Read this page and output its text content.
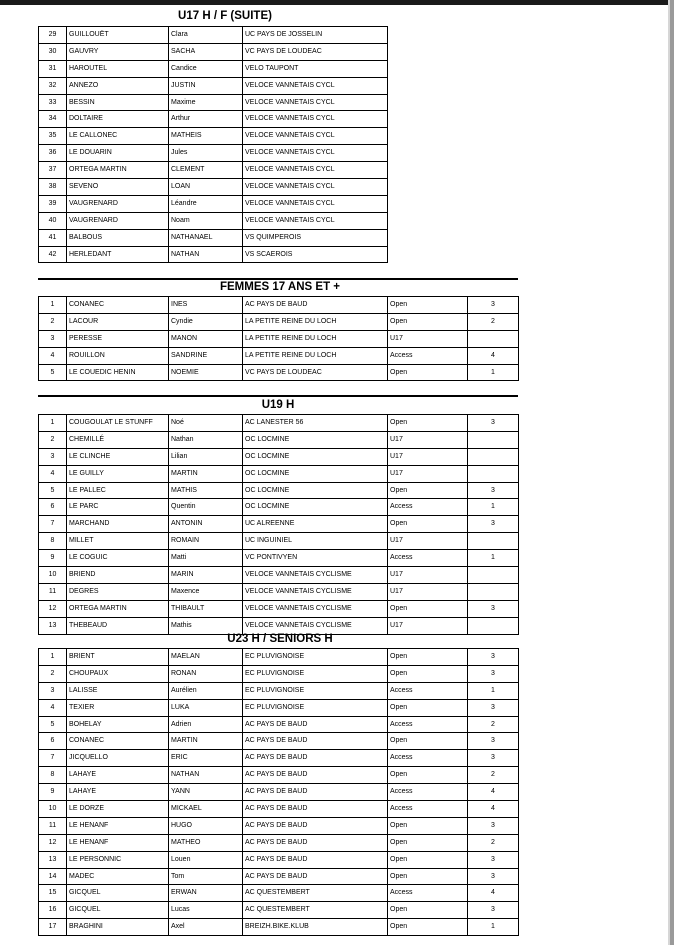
U17 H / F (SUITE)
29	GUILLOUËT	Clara	UC PAYS DE JOSSELIN
30	GAUVRY	SACHA	VC PAYS DE LOUDEAC
31	HAROUTEL	Candice	VELO TAUPONT
32	ANNEZO	JUSTIN	VELOCE VANNETAIS CYCL
33	BESSIN	Maxime	VELOCE VANNETAIS CYCL
34	DOLTAIRE	Arthur	VELOCE VANNETAIS CYCL
35	LE CALLONEC	MATHEIS	VELOCE VANNETAIS CYCL
36	LE DOUARIN	Jules	VELOCE VANNETAIS CYCL
37	ORTEGA MARTIN	CLEMENT	VELOCE VANNETAIS CYCL
38	SEVENO	LOAN	VELOCE VANNETAIS CYCL
39	VAUGRENARD	Léandre	VELOCE VANNETAIS CYCL
40	VAUGRENARD	Noam	VELOCE VANNETAIS CYCL
41	BALBOUS	NATHANAEL	VS QUIMPEROIS
42	HERLEDANT	NATHAN	VS SCAEROIS
FEMMES 17 ANS ET +
1	CONANEC	INES	AC PAYS DE BAUD	Open	3
2	LACOUR	Cyndie	LA PETITE REINE DU LOCH	Open	2
3	PERESSE	MANON	LA PETITE REINE DU LOCH	U17	
4	ROUILLON	SANDRINE	LA PETITE REINE DU LOCH	Access	4
5	LE COUEDIC HENIN	NOEMIE	VC PAYS DE LOUDEAC	Open	1
U19 H
1	COUGOULAT LE STUNFF	Noé	AC LANESTER 56	Open	3
2	CHEMILLÉ	Nathan	OC LOCMINE	U17	
3	LE CLINCHE	Lilian	OC LOCMINE	U17	
4	LE GUILLY	MARTIN	OC LOCMINE	U17	
5	LE PALLEC	MATHIS	OC LOCMINE	Open	3
6	LE PARC	Quentin	OC LOCMINE	Access	1
7	MARCHAND	ANTONIN	UC ALREENNE	Open	3
8	MILLET	ROMAIN	UC INGUINIEL	U17	
9	LE COGUIC	Matti	VC PONTIVYEN	Access	1
10	BRIEND	MARIN	VELOCE VANNETAIS CYCLISME	U17	
11	DEGRES	Maxence	VELOCE VANNETAIS CYCLISME	U17	
12	ORTEGA MARTIN	THIBAULT	VELOCE VANNETAIS CYCLISME	Open	3
13	THEBEAUD	Mathis	VELOCE VANNETAIS CYCLISME	U17	
U23 H / SENIORS H
1	BRIENT	MAELAN	EC PLUVIGNOISE	Open	3
2	CHOUPAUX	RONAN	EC PLUVIGNOISE	Open	3
3	LALISSE	Aurélien	EC PLUVIGNOISE	Access	1
4	TEXIER	LUKA	EC PLUVIGNOISE	Open	3
5	BOHELAY	Adrien	AC PAYS DE BAUD	Access	2
6	CONANEC	MARTIN	AC PAYS DE BAUD	Open	3
7	JICQUELLO	ERIC	AC PAYS DE BAUD	Access	3
8	LAHAYE	NATHAN	AC PAYS DE BAUD	Open	2
9	LAHAYE	YANN	AC PAYS DE BAUD	Access	4
10	LE DORZE	MICKAEL	AC PAYS DE BAUD	Access	4
11	LE HENANF	HUGO	AC PAYS DE BAUD	Open	3
12	LE HENANF	MATHEO	AC PAYS DE BAUD	Open	2
13	LE PERSONNIC	Louen	AC PAYS DE BAUD	Open	3
14	MADEC	Tom	AC PAYS DE BAUD	Open	3
15	GICQUEL	ERWAN	AC QUESTEMBERT	Access	4
16	GICQUEL	Lucas	AC QUESTEMBERT	Open	3
17	BRAGHINI	Axel	BREIZH.BIKE.KLUB	Open	1
